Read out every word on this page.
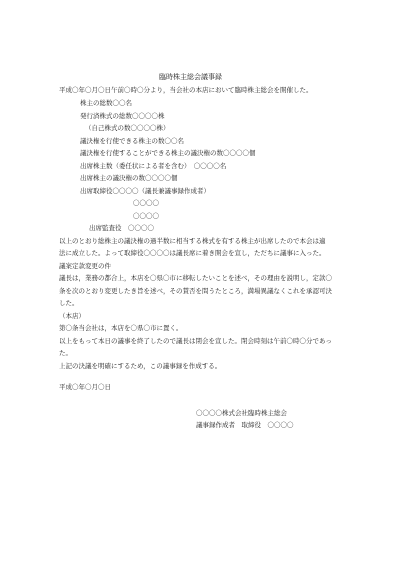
臨時株主総会議事録
平成〇年〇月〇日午前〇時〇分より，当会社の本店において臨時株主総会を開催した。
株主の総数〇〇名
発行済株式の総数〇〇〇〇株
（自己株式の数〇〇〇〇株）
議決権を行使できる株主の数〇〇名
議決権を行使することができる株主の議決権の数〇〇〇〇個
出席株主数（委任状による者を含む）　〇〇〇〇名
出席株主の議決権の数〇〇〇〇個
出席取締役〇〇〇〇（議長兼議事録作成者）
〇〇〇〇
〇〇〇〇
出席監査役　〇〇〇〇
以上のとおり総株主の議決権の過半数に相当する株式を有する株主が出席したので本会は適
法に成立した。よって取締役〇〇〇〇は議長席に着き開会を宣し，ただちに議事に入った。
議案定款変更の件
議長は，業務の都合上，本店を〇県〇市に移転したいことを述べ，その理由を説明し，定款〇
条を次のとおり変更したき旨を述べ，その賛否を問うたところ，満場異議なくこれを承認可決
した。
（本店）
第〇条当会社は，本店を〇県〇市に置く。
以上をもって本日の議事を終了したので議長は閉会を宣した。閉会時刻は午前〇時〇分であっ
た。
上記の決議を明確にするため，この議事録を作成する。
平成〇年〇月〇日
〇〇〇〇株式会社臨時株主総会
議事録作成者　取締役　〇〇〇〇
